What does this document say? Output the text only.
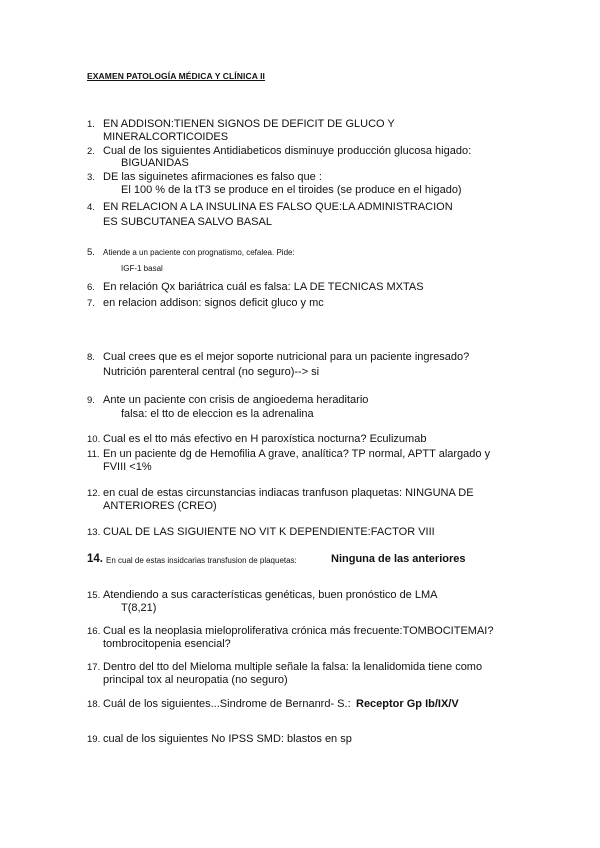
EXAMEN PATOLOGÍA MÉDICA Y CLÍNICA II
1. EN ADDISON:TIENEN SIGNOS DE DEFICIT DE GLUCO Y
MINERALCORTICOIDES
2. Cual de los siguientes Antidiabeticos disminuye producción glucosa higado:
BIGUANIDAS
3. DE las siguinetes afirmaciones es falso que :
El 100 % de la tT3 se produce en el tiroides (se produce en el higado)
4. EN RELACION A LA INSULINA ES FALSO QUE:LA ADMINISTRACION
ES SUBCUTANEA SALVO BASAL
5. Atiende a un paciente con prognatismo, cefalea. Pide:
IGF-1 basal
6. En relación Qx bariátrica cuál es falsa: LA DE TECNICAS MXTAS
7. en relacion addison: signos deficit gluco y mc
8. Cual crees que es el mejor soporte nutricional para un paciente ingresado?
Nutrición parenteral central (no seguro)--> si
9. Ante un paciente con crisis de angioedema heraditario
falsa: el tto de eleccion es la adrenalina
10. Cual es el tto más efectivo en H paroxística nocturna? Eculizumab
11. En un paciente dg de Hemofilia A grave, analítica? TP normal, APTT alargado y
FVIII <1%
12. en cual de estas circunstancias indiacas tranfuson plaquetas: NINGUNA DE
ANTERIORES (CREO)
13. CUAL DE LAS SIGUIENTE NO VIT K DEPENDIENTE:FACTOR VIII
14. En cual de estas insidcarias transfusion de plaquetas:	Ninguna de las anteriores
15. Atendiendo a sus características genéticas, buen pronóstico de LMA
T(8,21)
16. Cual es la neoplasia mieloproliferativa crónica más frecuente:TOMBOCITEMAI?
tombrocitopenia esencial?
17. Dentro del tto del Mieloma multiple señale la falsa: la lenalidomida tiene como
principal tox al neuropatia (no seguro)
18. Cuál de los siguientes...Sindrome de Bernanrd- S.: Receptor Gp Ib/IX/V
19. cual de los siguientes No IPSS SMD: blastos en sp
